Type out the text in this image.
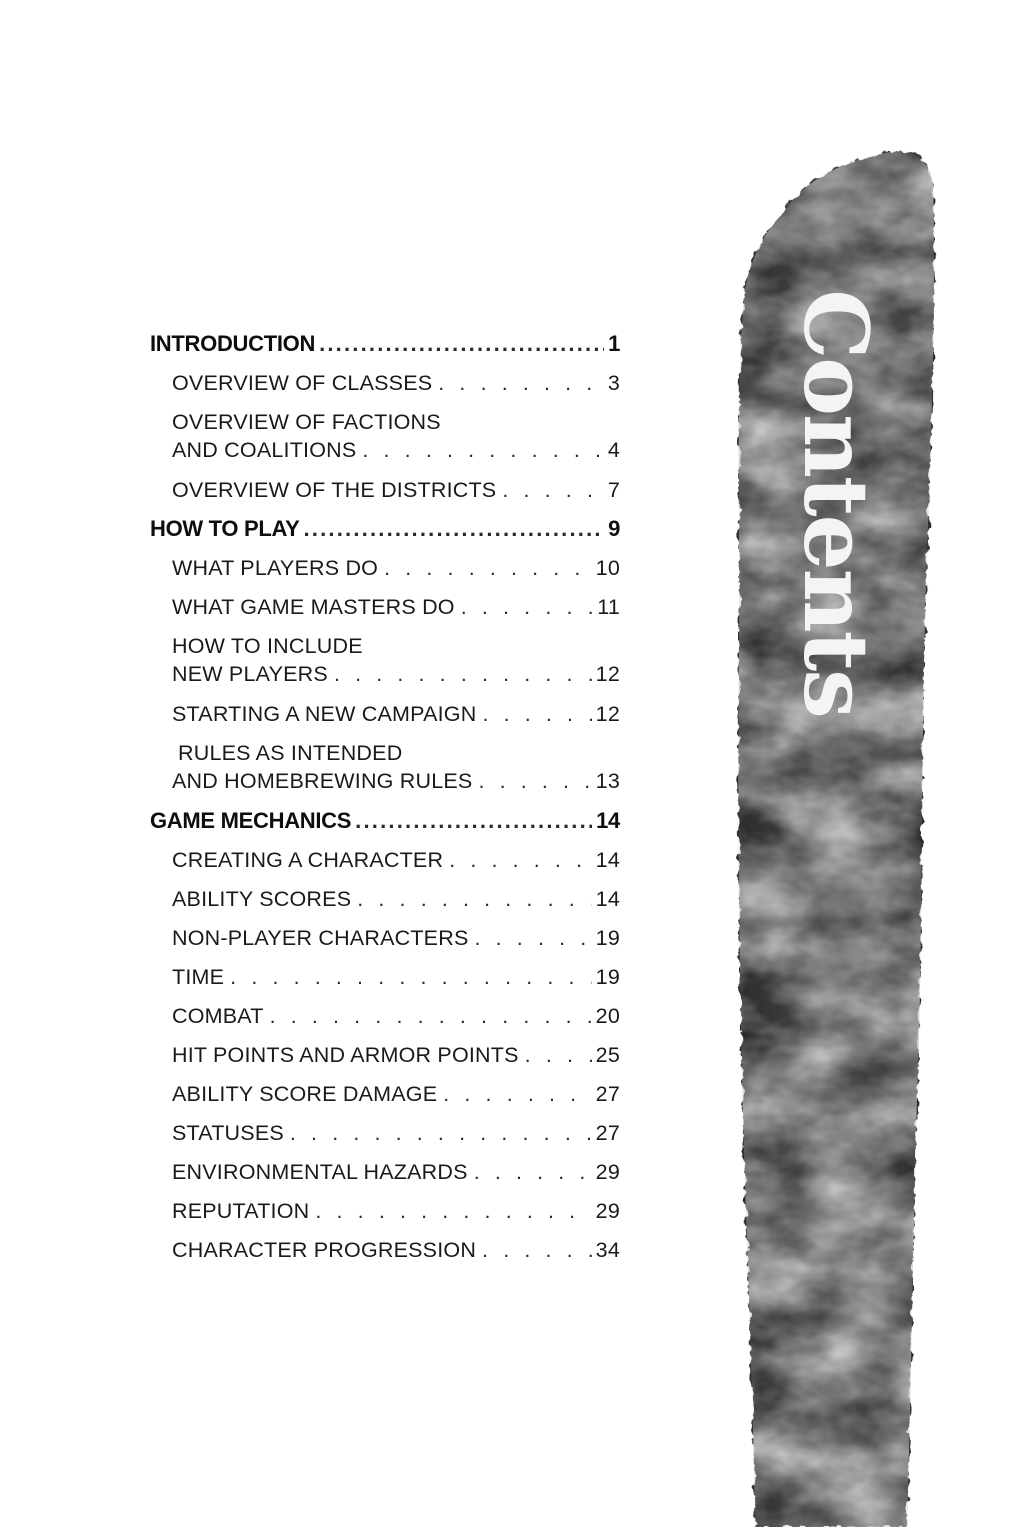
Contents
INTRODUCTION .....	1
OVERVIEW OF CLASSES . . .	3
OVERVIEW OF FACTIONS
AND COALITIONS . . .	4
OVERVIEW OF THE DISTRICTS . . .	7
HOW TO PLAY .....	9
WHAT PLAYERS DO . . .	10
WHAT GAME MASTERS DO . . .	11
HOW TO INCLUDE
NEW PLAYERS . . .	12
STARTING A NEW CAMPAIGN . . .	12
RULES AS INTENDED
AND HOMEBREWING RULES . . .	13
GAME MECHANICS .....	14
CREATING A CHARACTER . . .	14
ABILITY SCORES . . .	14
NON-PLAYER CHARACTERS . . .	19
TIME . . .	19
COMBAT . . .	20
HIT POINTS AND ARMOR POINTS . . .	25
ABILITY SCORE DAMAGE . . .	27
STATUSES . . .	27
ENVIRONMENTAL HAZARDS . . .	29
REPUTATION . . .	29
CHARACTER PROGRESSION . . .	34
